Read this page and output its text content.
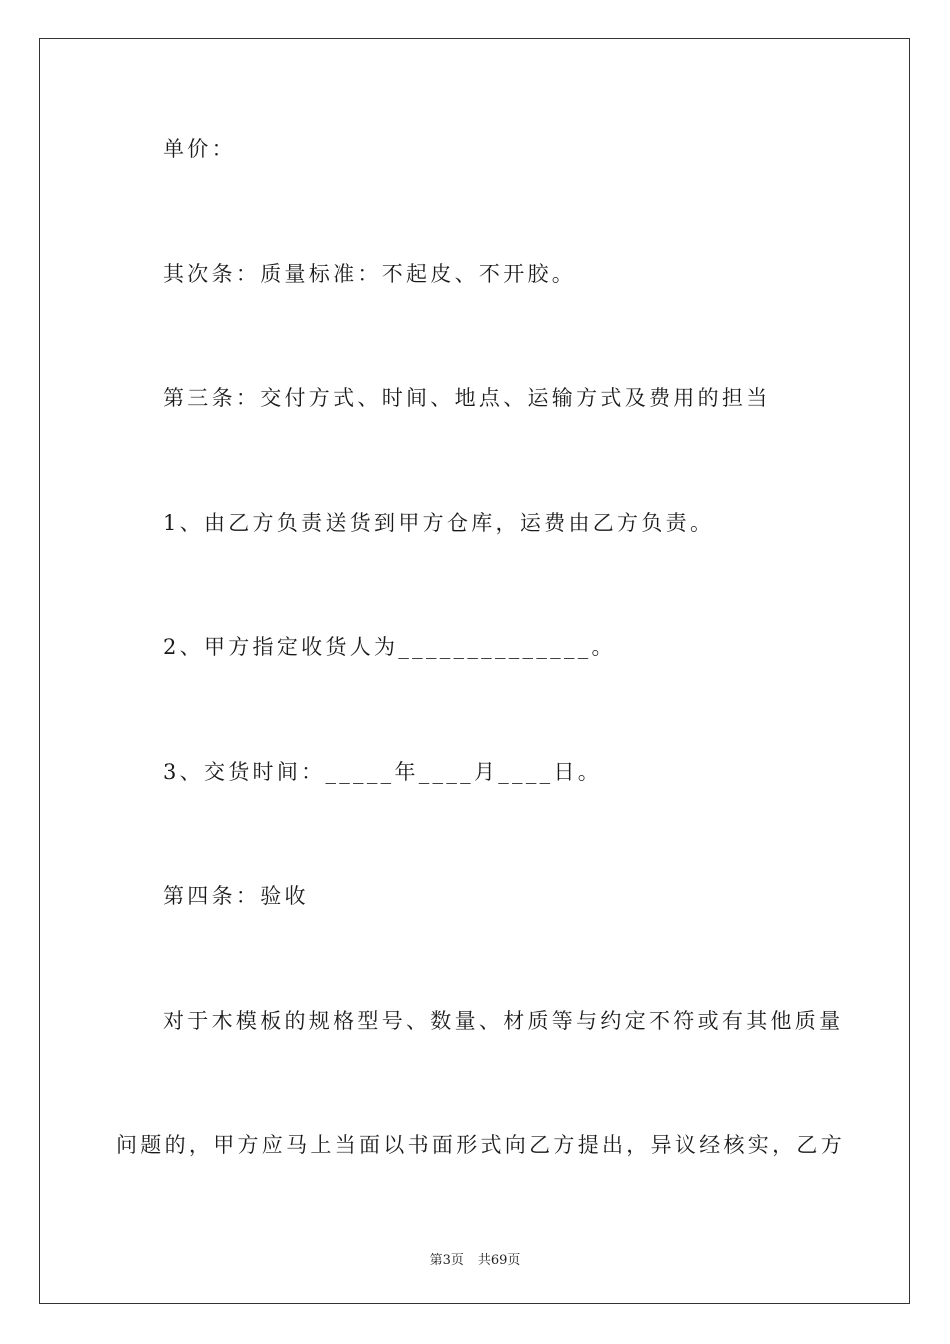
单价：
其次条：质量标准：不起皮、不开胶。
第三条：交付方式、时间、地点、运输方式及费用的担当
1、由乙方负责送货到甲方仓库，运费由乙方负责。
2、甲方指定收货人为______________。
3、交货时间：_____年____月____日。
第四条：验收
对于木模板的规格型号、数量、材质等与约定不符或有其他质量
问题的，甲方应马上当面以书面形式向乙方提出，异议经核实，乙方
第3页 共69页
